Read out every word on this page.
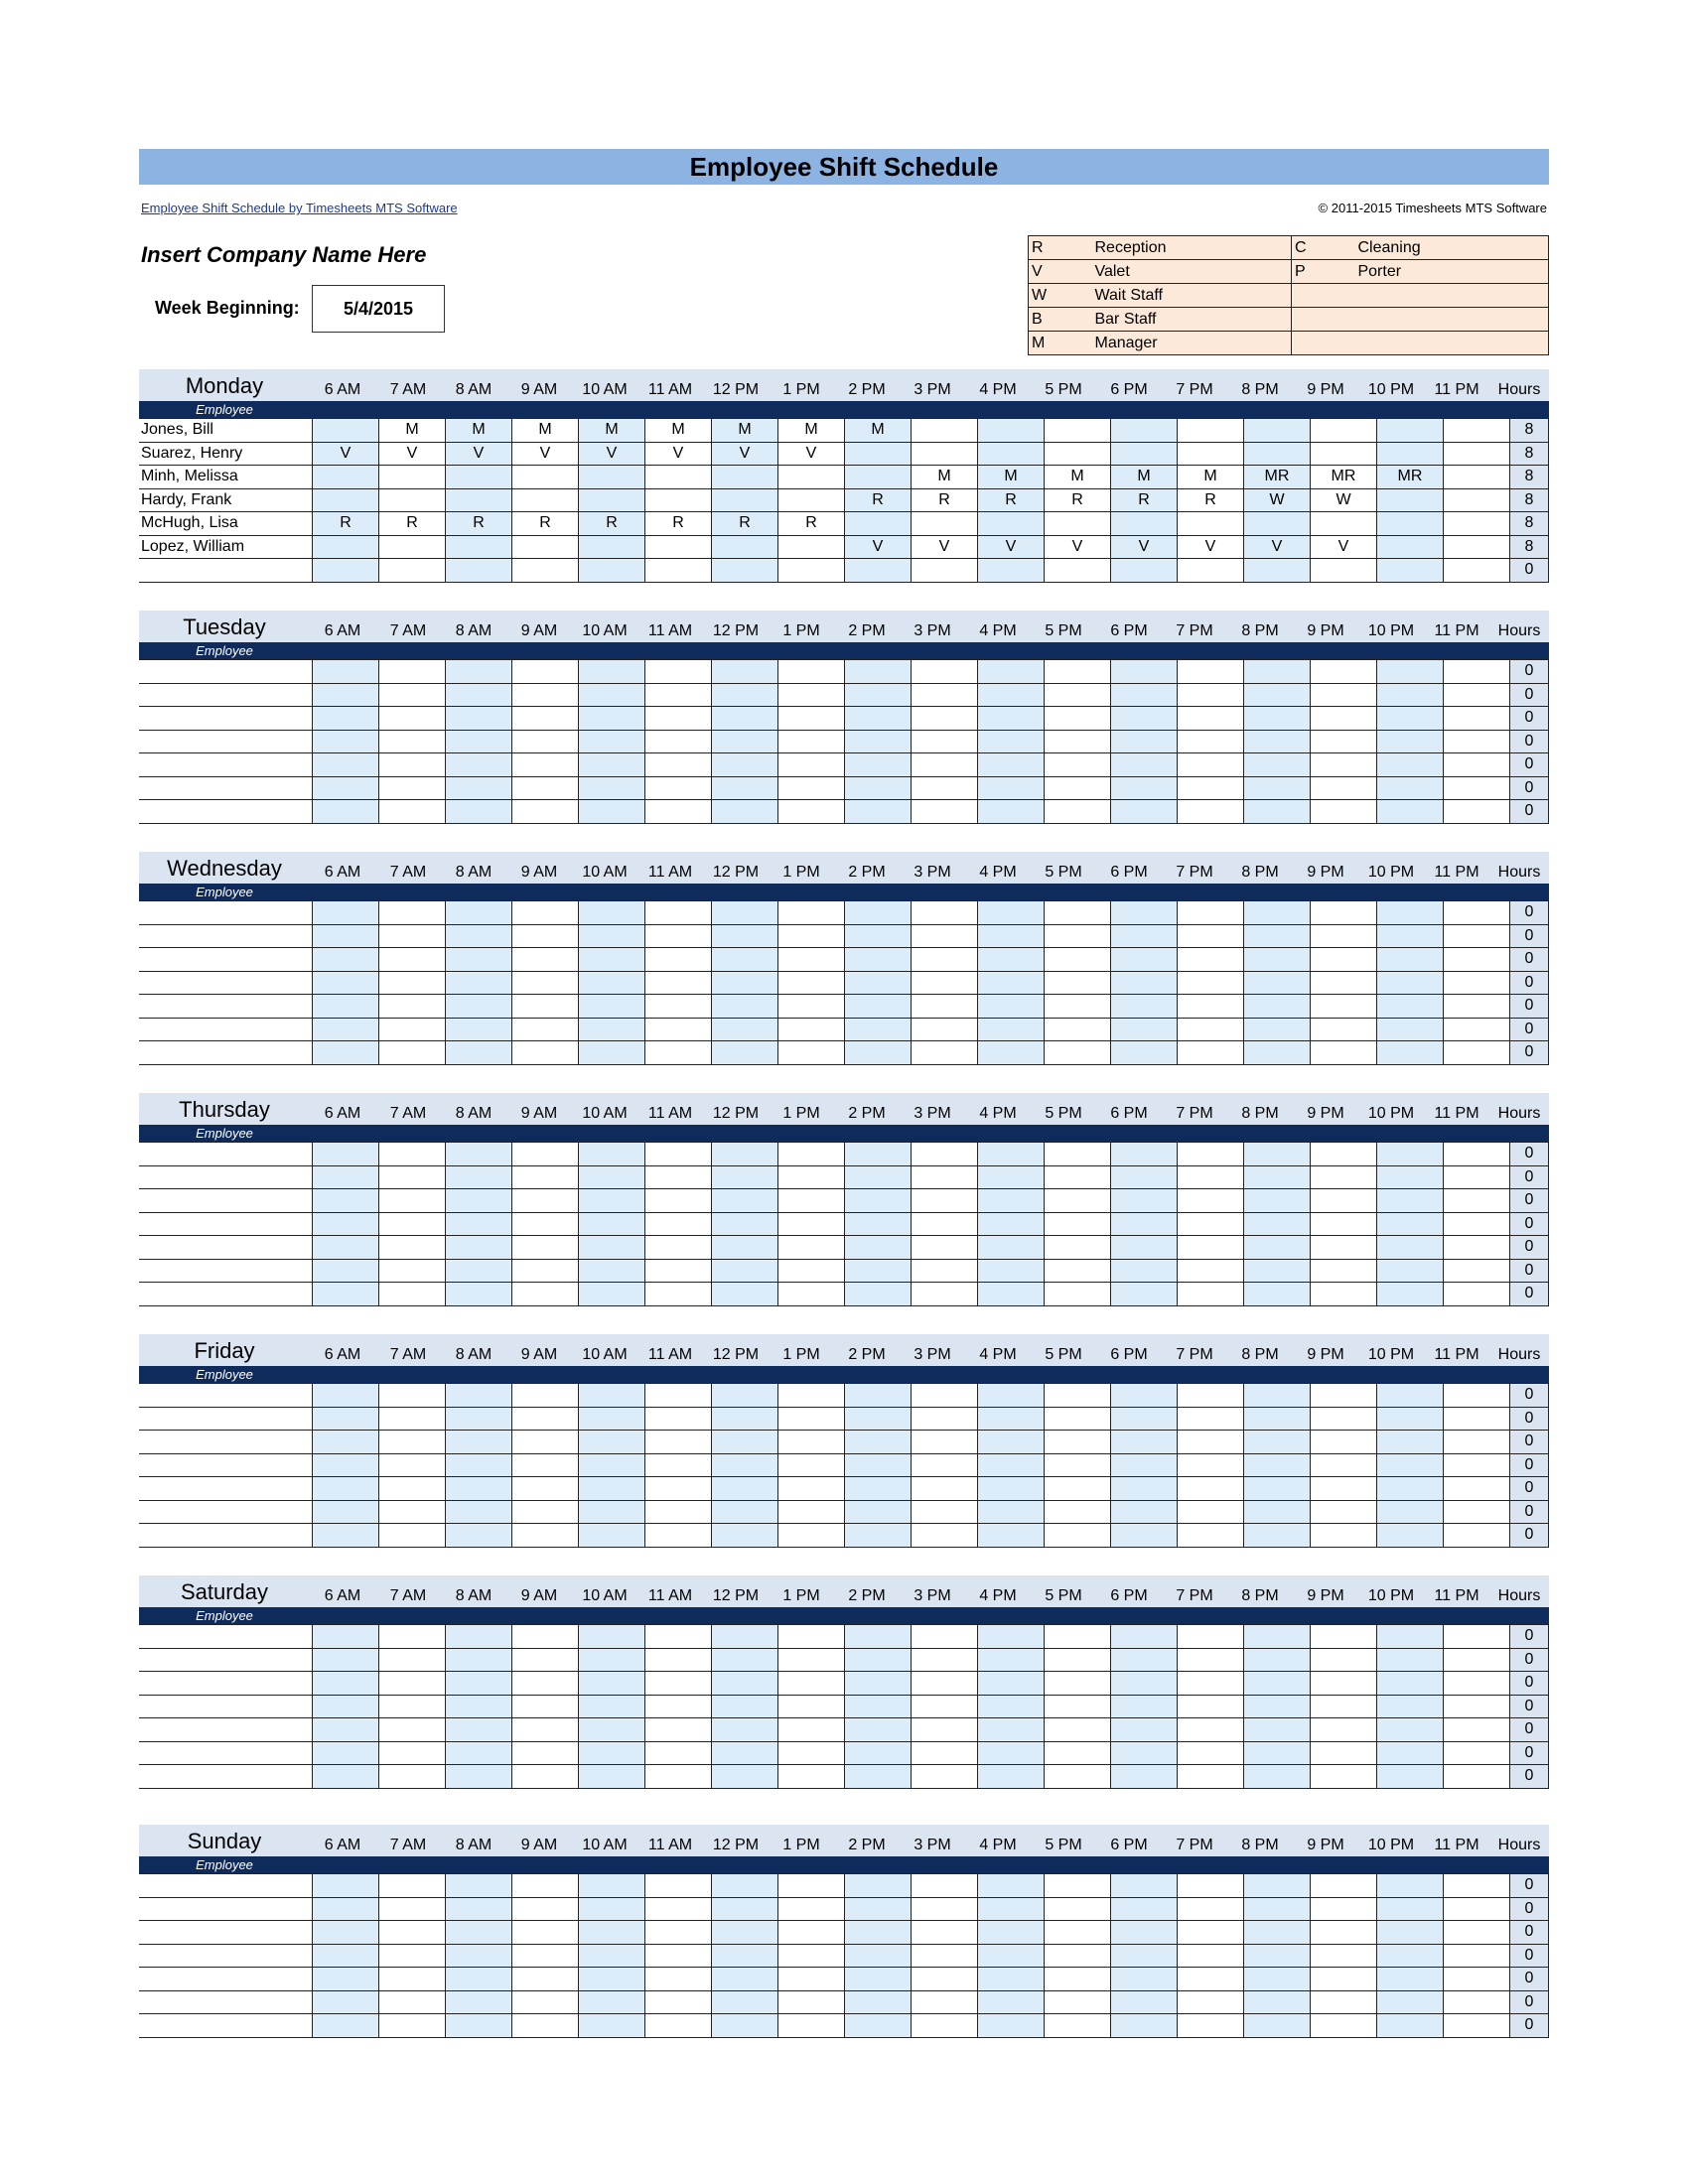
Employee Shift Schedule
Employee Shift Schedule by Timesheets MTS Software	© 2011-2015 Timesheets MTS Software
Insert Company Name Here
Week Beginning:	5/4/2015
R	Reception	C	Cleaning
V	Valet	P	Porter
W	Wait Staff		
B	Bar Staff		
M	Manager		
Monday	6 AM	7 AM	8 AM	9 AM	10 AM	11 AM	12 PM	1 PM	2 PM	3 PM	4 PM	5 PM	6 PM	7 PM	8 PM	9 PM	10 PM	11 PM	Hours
Employee
Jones, Bill		M	M	M	M	M	M	M	M										8
Suarez, Henry	V	V	V	V	V	V	V	V											8
Minh, Melissa										M	M	M	M	M	MR	MR	MR		8
Hardy, Frank									R	R	R	R	R	R	W	W			8
McHugh, Lisa	R	R	R	R	R	R	R	R											8
Lopez, William									V	V	V	V	V	V	V	V			8
																			0
Tuesday	6 AM	7 AM	8 AM	9 AM	10 AM	11 AM	12 PM	1 PM	2 PM	3 PM	4 PM	5 PM	6 PM	7 PM	8 PM	9 PM	10 PM	11 PM	Hours
Employee
																			0
																			0
																			0
																			0
																			0
																			0
																			0
Wednesday	6 AM	7 AM	8 AM	9 AM	10 AM	11 AM	12 PM	1 PM	2 PM	3 PM	4 PM	5 PM	6 PM	7 PM	8 PM	9 PM	10 PM	11 PM	Hours
Employee
																			0
																			0
																			0
																			0
																			0
																			0
																			0
Thursday	6 AM	7 AM	8 AM	9 AM	10 AM	11 AM	12 PM	1 PM	2 PM	3 PM	4 PM	5 PM	6 PM	7 PM	8 PM	9 PM	10 PM	11 PM	Hours
Employee
																			0
																			0
																			0
																			0
																			0
																			0
																			0
Friday	6 AM	7 AM	8 AM	9 AM	10 AM	11 AM	12 PM	1 PM	2 PM	3 PM	4 PM	5 PM	6 PM	7 PM	8 PM	9 PM	10 PM	11 PM	Hours
Employee
																			0
																			0
																			0
																			0
																			0
																			0
																			0
Saturday	6 AM	7 AM	8 AM	9 AM	10 AM	11 AM	12 PM	1 PM	2 PM	3 PM	4 PM	5 PM	6 PM	7 PM	8 PM	9 PM	10 PM	11 PM	Hours
Employee
																			0
																			0
																			0
																			0
																			0
																			0
																			0
Sunday	6 AM	7 AM	8 AM	9 AM	10 AM	11 AM	12 PM	1 PM	2 PM	3 PM	4 PM	5 PM	6 PM	7 PM	8 PM	9 PM	10 PM	11 PM	Hours
Employee
																			0
																			0
																			0
																			0
																			0
																			0
																			0
